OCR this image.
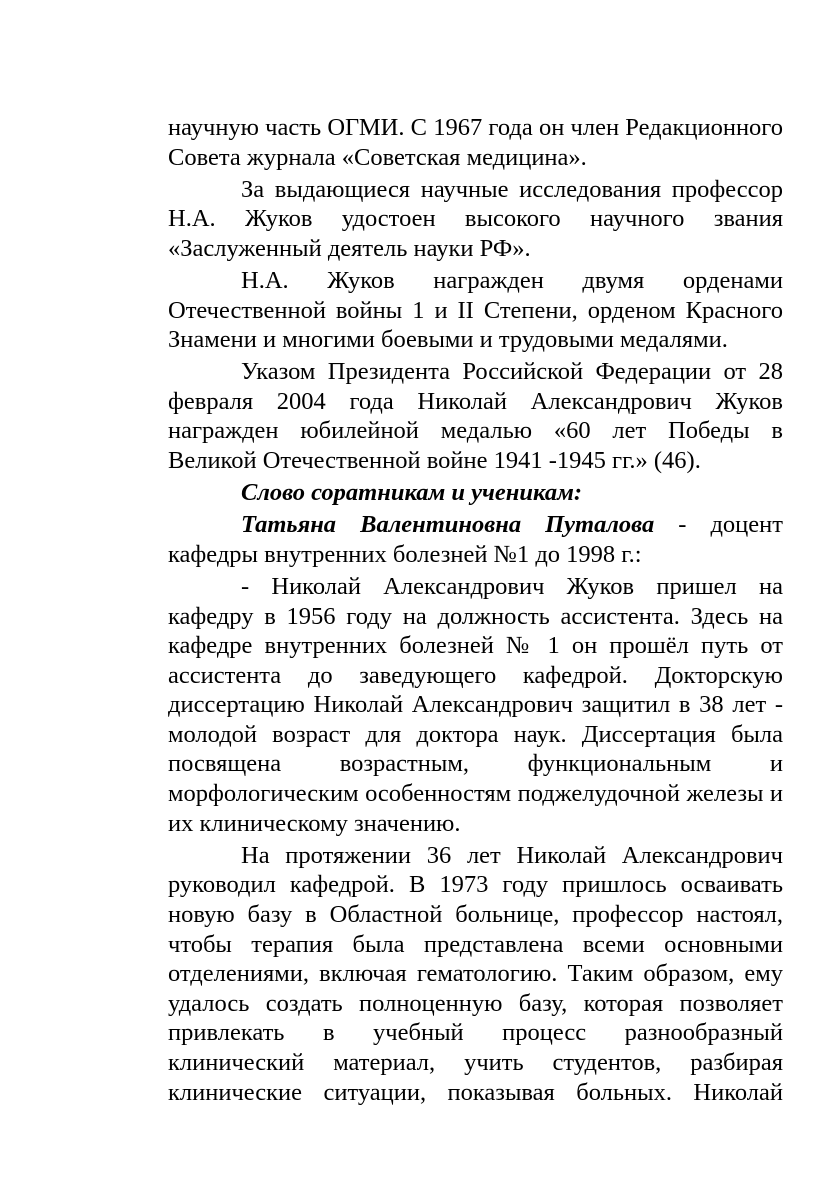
научную часть ОГМИ. С 1967 года он член Редакционного Совета журнала «Советская медицина».

За выдающиеся научные исследования профессор Н.А. Жуков удостоен высокого научного звания «Заслуженный деятель науки РФ».

Н.А. Жуков награжден двумя орденами Отечественной войны 1 и II Степени, орденом Красного Знамени и многими боевыми и трудовыми медалями.

Указом Президента Российской Федерации от 28 февраля 2004 года Николай Александрович Жуков награжден юбилейной медалью «60 лет Победы в Великой Отечественной войне 1941 -1945 гг.» (46).

Слово соратникам и ученикам:

Татьяна Валентиновна Путалова - доцент кафедры внутренних болезней №1 до 1998 г.:

- Николай Александрович Жуков пришел на кафедру в 1956 году на должность ассистента. Здесь на кафедре внутренних болезней № 1 он прошёл путь от ассистента до заведующего кафедрой. Докторскую диссертацию Николай Александрович защитил в 38 лет - молодой возраст для доктора наук. Диссертация была посвящена возрастным, функциональным и морфологическим особенностям поджелудочной железы и их клиническому значению.

На протяжении 36 лет Николай Александрович руководил кафедрой. В 1973 году пришлось осваивать новую базу в Областной больнице, профессор настоял, чтобы терапия была представлена всеми основными отделениями, включая гематологию. Таким образом, ему удалось создать полноценную базу, которая позволяет привлекать в учебный процесс разнообразный клинический материал, учить студентов, разбирая клинические ситуации, показывая больных. Николай
